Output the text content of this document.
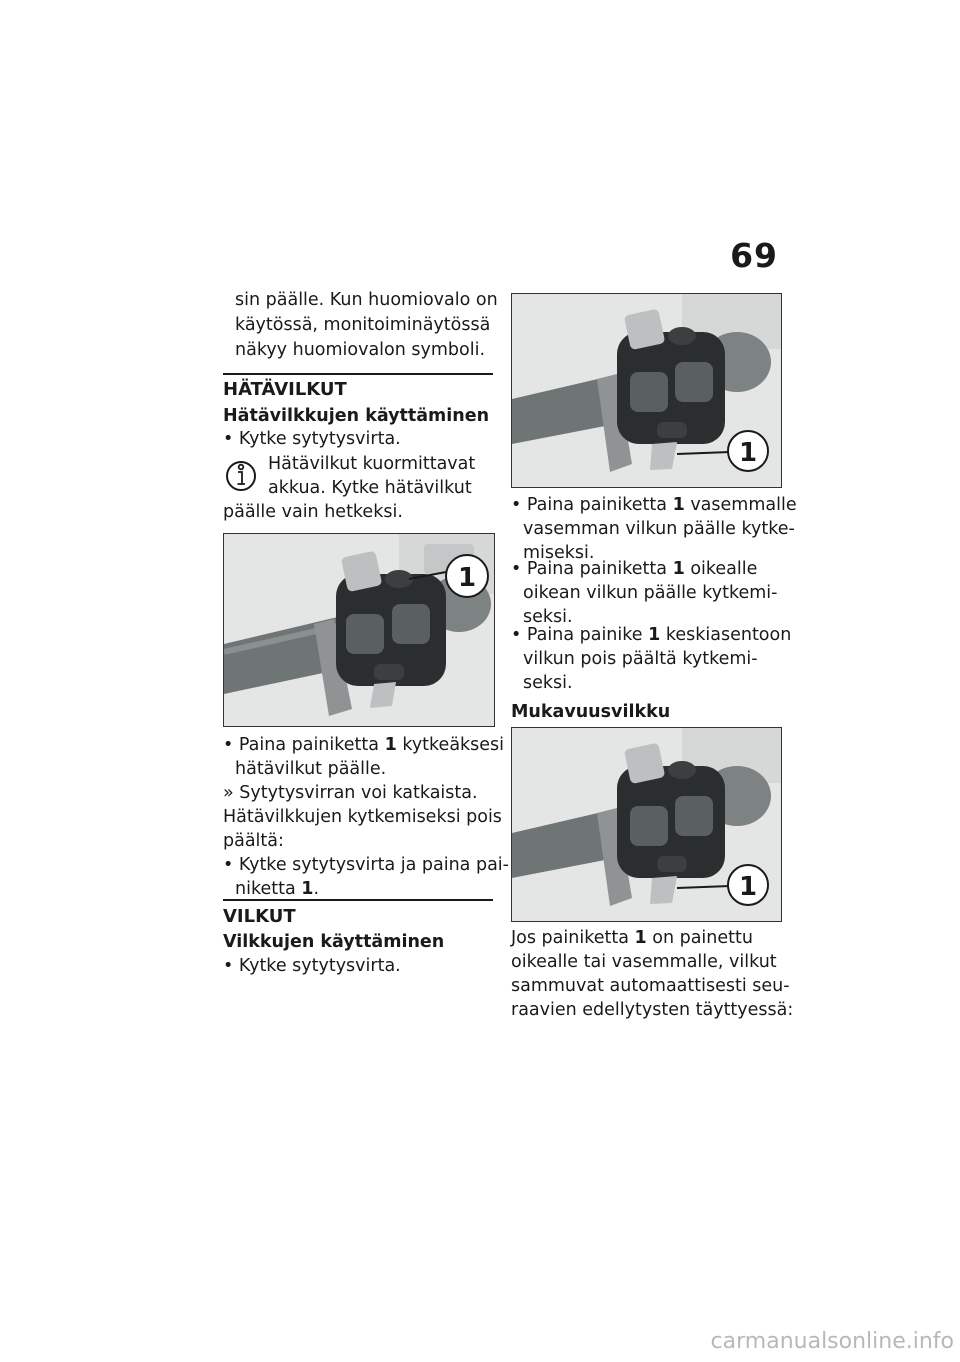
69

sin päälle. Kun huomiovalo on

käytössä, monitoiminäytössä

näkyy huomiovalon symboli.

HÄTÄVILKUT

Hätävilkkujen käyttäminen

• Kytke sytytysvirta.

Hätävilkut kuormittavat

akkua. Kytke hätävilkut

päälle vain hetkeksi.

1

• Paina painiketta 1 kytkeäksesi

hätävilkut päälle.

» Sytytysvirran voi katkaista.

Hätävilkkujen kytkemiseksi pois

päältä:

• Kytke sytytysvirta ja paina pai-

niketta 1.

VILKUT

Vilkkujen käyttäminen

• Kytke sytytysvirta.

1

• Paina painiketta 1 vasemmalle

vasemman vilkun päälle kytke-

miseksi.

• Paina painiketta 1 oikealle

oikean vilkun päälle kytkemi-

seksi.

• Paina painike 1 keskiasentoon

vilkun pois päältä kytkemi-

seksi.

Mukavuusvilkku

1

Jos painiketta 1 on painettu

oikealle tai vasemmalle, vilkut

sammuvat automaattisesti seu-

raavien edellytysten täyttyessä:

carmanualsonline.info
